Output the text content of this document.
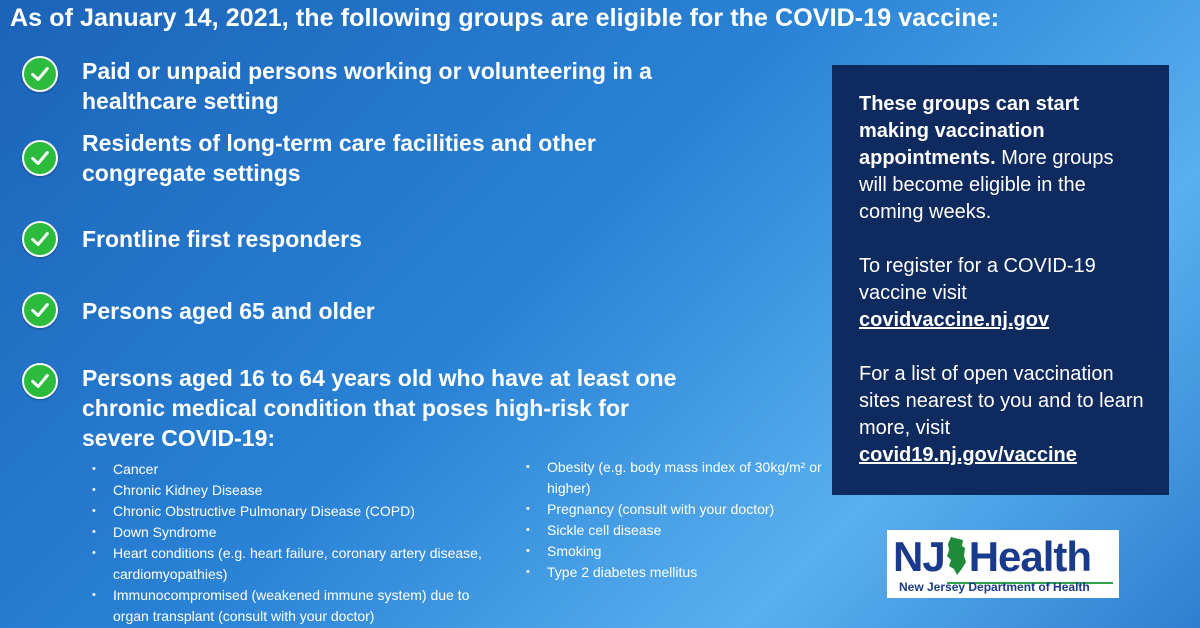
As of January 14, 2021, the following groups are eligible for the COVID-19 vaccine:
Paid or unpaid persons working or volunteering in a
healthcare setting
Residents of long-term care facilities and other
congregate settings
Frontline first responders
Persons aged 65 and older
Persons aged 16 to 64 years old who have at least one
chronic medical condition that poses high-risk for
severe COVID-19:
• Cancer
• Chronic Kidney Disease
• Chronic Obstructive Pulmonary Disease (COPD)
• Down Syndrome
• Heart conditions (e.g. heart failure, coronary artery disease, cardiomyopathies)
• Immunocompromised (weakened immune system) due to organ transplant (consult with your doctor)
• Obesity (e.g. body mass index of 30kg/m² or higher)
• Pregnancy (consult with your doctor)
• Sickle cell disease
• Smoking
• Type 2 diabetes mellitus

These groups can start making vaccination appointments. More groups will become eligible in the coming weeks.

To register for a COVID-19 vaccine visit
covidvaccine.nj.gov

For a list of open vaccination sites nearest to you and to learn more, visit
covid19.nj.gov/vaccine

NJ Health
New Jersey Department of Health
